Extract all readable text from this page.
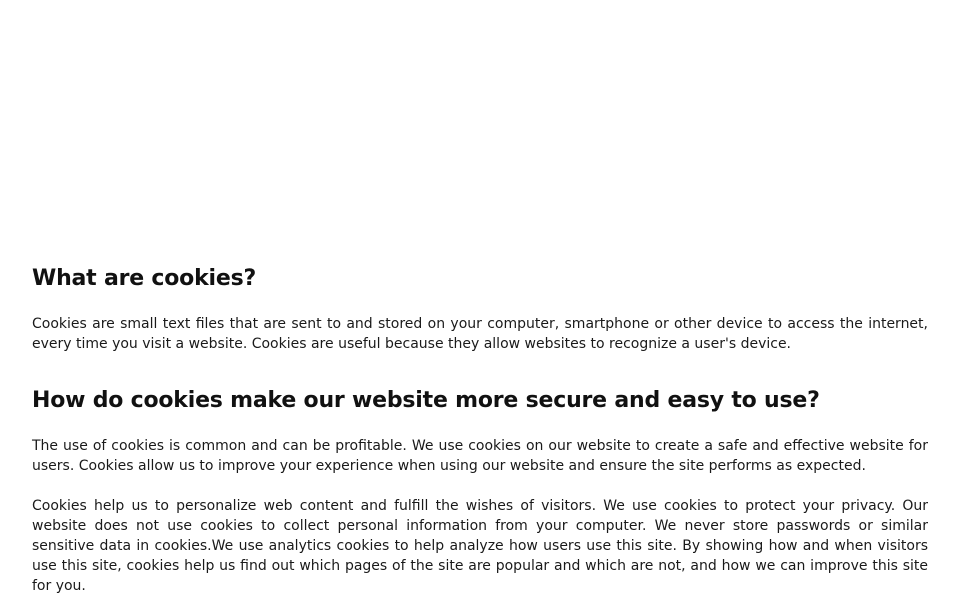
What are cookies?

Cookies are small text files that are sent to and stored on your computer, smartphone or other device to access the internet, every time you visit a website. Cookies are useful because they allow websites to recognize a user's device.

How do cookies make our website more secure and easy to use?

The use of cookies is common and can be profitable. We use cookies on our website to create a safe and effective website for users. Cookies allow us to improve your experience when using our website and ensure the site performs as expected.

Cookies help us to personalize web content and fulfill the wishes of visitors. We use cookies to protect your privacy. Our website does not use cookies to collect personal information from your computer. We never store passwords or similar sensitive data in cookies.We use analytics cookies to help analyze how users use this site. By showing how and when visitors use this site, cookies help us find out which pages of the site are popular and which are not, and how we can improve this site for you.
